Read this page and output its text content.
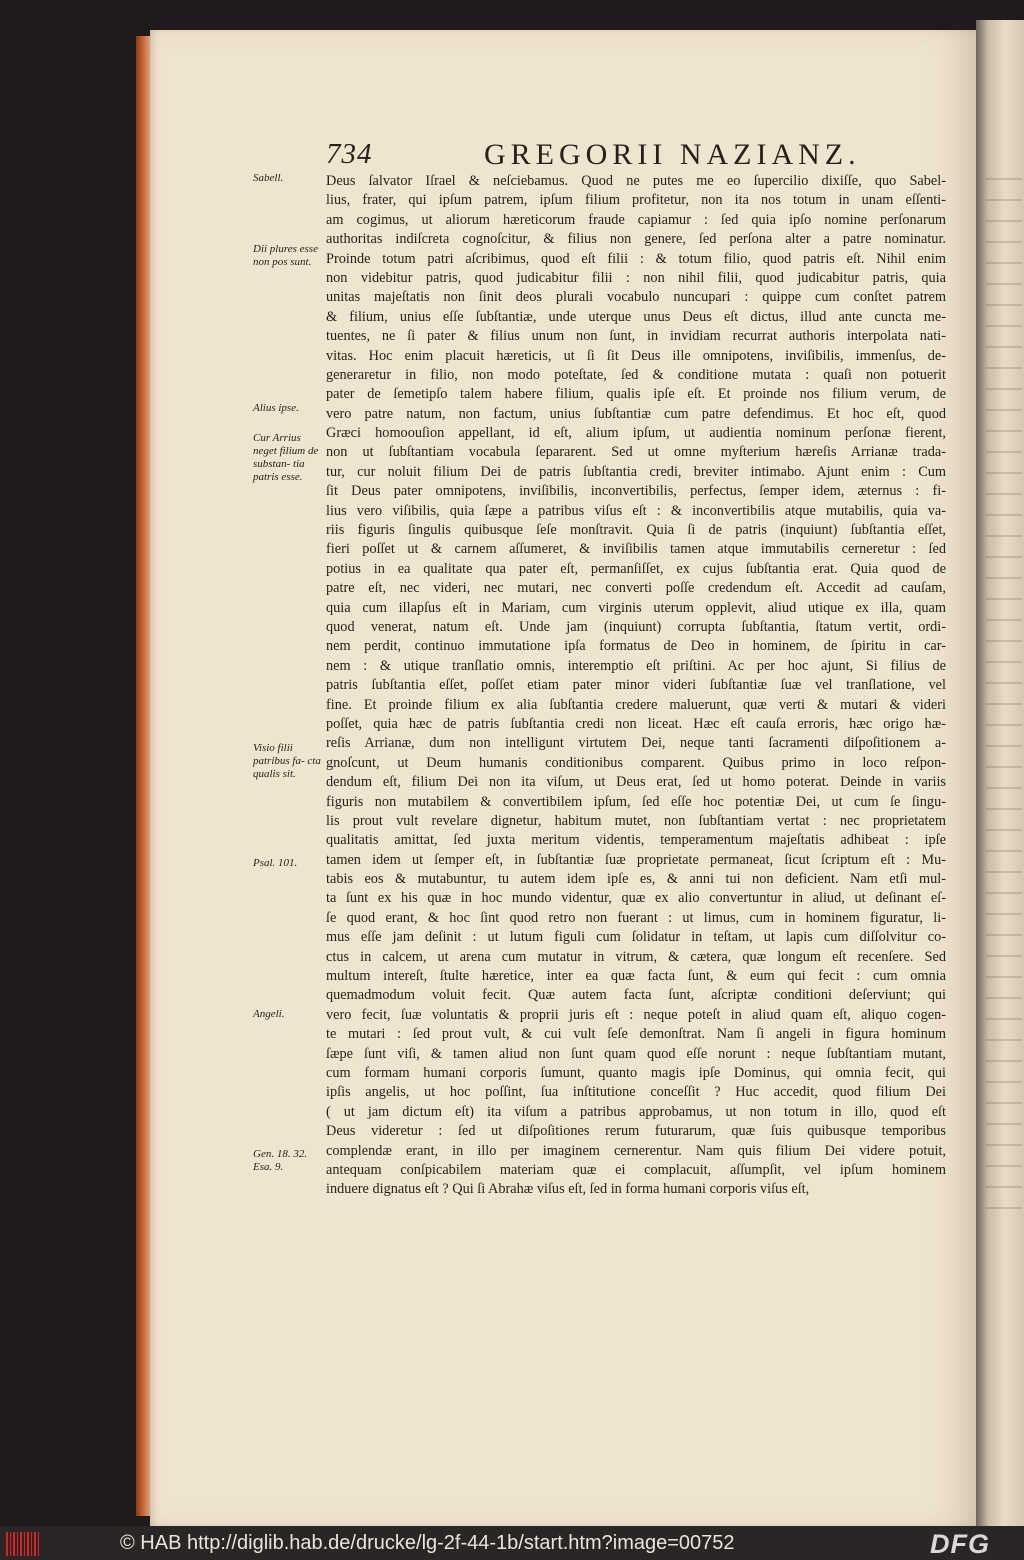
734	GREGORII NAZIANZ.
Sabell.
Dii plures esse non pos sunt.
Alius ipse.
Cur Arrius neget filium de substan- tia patris esse.
Visio filii patribus fa- cta qualis sit.
Psal. 101.
Angeli.
Gen. 18. 32. Esa. 9.
Deus ſalvator Iſrael & neſciebamus. Quod ne putes me eo ſupercilio dixiſſe, quo Sabel-
lius, frater, qui ipſum patrem, ipſum filium profitetur, non ita nos totum in unam eſſenti-
am cogimus, ut aliorum hæreticorum fraude capiamur : ſed quia ipſo nomine perſonarum
authoritas indiſcreta cognoſcitur, & filius non genere, ſed perſona alter a patre nominatur.
Proinde totum patri aſcribimus, quod eſt filii : & totum filio, quod patris eſt. Nihil enim
non videbitur patris, quod judicabitur filii : non nihil filii, quod judicabitur patris, quia
unitas majeſtatis non ſinit deos plurali vocabulo nuncupari : quippe cum conſtet patrem
& filium, unius eſſe ſubſtantiæ, unde uterque unus Deus eſt dictus, illud ante cuncta me-
tuentes, ne ſi pater & filius unum non ſunt, in invidiam recurrat authoris interpolata nati-
vitas. Hoc enim placuit hæreticis, ut ſi ſit Deus ille omnipotens, inviſibilis, immenſus, de-
generaretur in filio, non modo poteſtate, ſed & conditione mutata : quaſi non potuerit
pater de ſemetipſo talem habere filium, qualis ipſe eſt. Et proinde nos filium verum, de
vero patre natum, non factum, unius ſubſtantiæ cum patre defendimus. Et hoc eſt, quod
Græci homoouſion appellant, id eſt, alium ipſum, ut audientia nominum perſonæ fierent,
non ut ſubſtantiam vocabula ſepararent. Sed ut omne myſterium hæreſis Arrianæ trada-
tur, cur noluit filium Dei de patris ſubſtantia credi, breviter intimabo. Ajunt enim : Cum
ſit Deus pater omnipotens, inviſibilis, inconvertibilis, perfectus, ſemper idem, æternus : fi-
lius vero viſibilis, quia ſæpe a patribus viſus eſt : & inconvertibilis atque mutabilis, quia va-
riis figuris ſingulis quibusque ſeſe monſtravit. Quia ſi de patris (inquiunt) ſubſtantia eſſet,
fieri poſſet ut & carnem aſſumeret, & inviſibilis tamen atque immutabilis cerneretur : ſed
potius in ea qualitate qua pater eſt, permanſiſſet, ex cujus ſubſtantia erat. Quia quod de
patre eſt, nec videri, nec mutari, nec converti poſſe credendum eſt. Accedit ad cauſam,
quia cum illapſus eſt in Mariam, cum virginis uterum opplevit, aliud utique ex illa, quam
quod venerat, natum eſt. Unde jam (inquiunt) corrupta ſubſtantia, ſtatum vertit, ordi-
nem perdit, continuo immutatione ipſa formatus de Deo in hominem, de ſpiritu in car-
nem : & utique tranſlatio omnis, interemptio eſt priſtini. Ac per hoc ajunt, Si filius de
patris ſubſtantia eſſet, poſſet etiam pater minor videri ſubſtantiæ ſuæ vel tranſlatione, vel
fine. Et proinde filium ex alia ſubſtantia credere maluerunt, quæ verti & mutari & videri
poſſet, quia hæc de patris ſubſtantia credi non liceat. Hæc eſt cauſa erroris, hæc origo hæ-
reſis Arrianæ, dum non intelligunt virtutem Dei, neque tanti ſacramenti diſpoſitionem a-
gnoſcunt, ut Deum humanis conditionibus comparent. Quibus primo in loco reſpon-
dendum eſt, filium Dei non ita viſum, ut Deus erat, ſed ut homo poterat. Deinde in variis
figuris non mutabilem & convertibilem ipſum, ſed eſſe hoc potentiæ Dei, ut cum ſe ſingu-
lis prout vult revelare dignetur, habitum mutet, non ſubſtantiam vertat : nec proprietatem
qualitatis amittat, ſed juxta meritum videntis, temperamentum majeſtatis adhibeat : ipſe
tamen idem ut ſemper eſt, in ſubſtantiæ ſuæ proprietate permaneat, ſicut ſcriptum eſt : Mu-
tabis eos & mutabuntur, tu autem idem ipſe es, & anni tui non deficient. Nam etſi mul-
ta ſunt ex his quæ in hoc mundo videntur, quæ ex alio convertuntur in aliud, ut deſinant eſ-
ſe quod erant, & hoc ſint quod retro non fuerant : ut limus, cum in hominem figuratur, li-
mus eſſe jam deſinit : ut lutum figuli cum ſolidatur in teſtam, ut lapis cum diſſolvitur co-
ctus in calcem, ut arena cum mutatur in vitrum, & cætera, quæ longum eſt recenſere. Sed
multum intereſt, ſtulte hæretice, inter ea quæ facta ſunt, & eum qui fecit : cum omnia
quemadmodum voluit fecit. Quæ autem facta ſunt, aſcriptæ conditioni deſerviunt; qui
vero fecit, ſuæ voluntatis & proprii juris eſt : neque poteſt in aliud quam eſt, aliquo cogen-
te mutari : ſed prout vult, & cui vult ſeſe demonſtrat. Nam ſi angeli in figura hominum
ſæpe ſunt viſi, & tamen aliud non ſunt quam quod eſſe norunt : neque ſubſtantiam mutant,
cum formam humani corporis ſumunt, quanto magis ipſe Dominus, qui omnia fecit, qui
ipſis angelis, ut hoc poſſint, ſua inſtitutione conceſſit ? Huc accedit, quod filium Dei
( ut jam dictum eſt) ita viſum a patribus approbamus, ut non totum in illo, quod eſt
Deus videretur : ſed ut diſpoſitiones rerum futurarum, quæ ſuis quibusque temporibus
complendæ erant, in illo per imaginem cernerentur. Nam quis filium Dei videre potuit,
antequam conſpicabilem materiam quæ ei complacuit, aſſumpſit, vel ipſum hominem
induere dignatus eſt ? Qui ſi Abrahæ viſus eſt, ſed in forma humani corporis viſus eſt,
© HAB http://diglib.hab.de/drucke/lg-2f-44-1b/start.htm?image=00752	DFG
